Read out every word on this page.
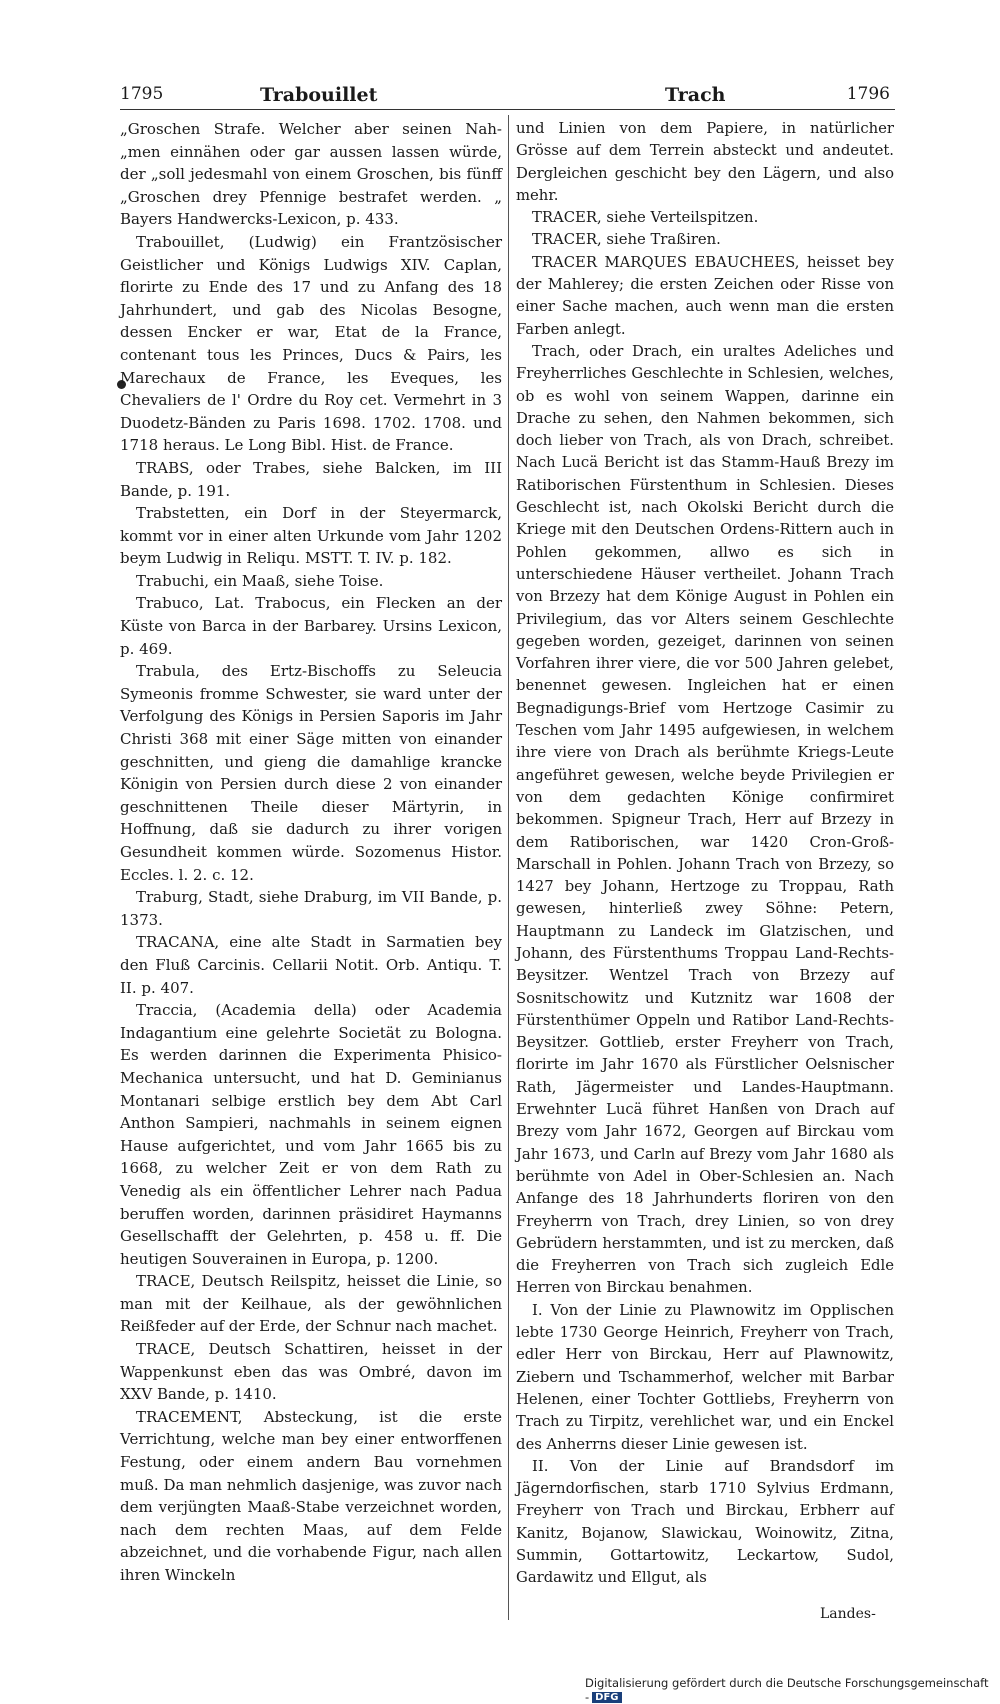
1795	Trabouillet	Trach	1796

„Groschen Strafe. Welcher aber seinen Nah- „men einnähen oder gar aussen lassen würde, der „soll jedesmahl von einem Groschen, bis fünff „Groschen drey Pfennige bestrafet werden. „ Bayers Handwercks-Lexicon, p. 433.

Trabouillet, (Ludwig) ein Frantzösischer Geistlicher und Königs Ludwigs XIV. Caplan, florirte zu Ende des 17 und zu Anfang des 18 Jahrhundert, und gab des Nicolas Besogne, dessen Encker er war, Etat de la France, contenant tous les Princes, Ducs & Pairs, les Marechaux de France, les Eveques, les Chevaliers de l' Ordre du Roy cet. Vermehrt in 3 Duodetz-Bänden zu Paris 1698. 1702. 1708. und 1718 heraus. Le Long Bibl. Hist. de France.

TRABS, oder Trabes, siehe Balcken, im III Bande, p. 191.

Trabstetten, ein Dorf in der Steyermarck, kommt vor in einer alten Urkunde vom Jahr 1202 beym Ludwig in Reliqu. MSTT. T. IV. p. 182.

Trabuchi, ein Maaß, siehe Toise.

Trabuco, Lat. Trabocus, ein Flecken an der Küste von Barca in der Barbarey. Ursins Lexicon, p. 469.

Trabula, des Ertz-Bischoffs zu Seleucia Symeonis fromme Schwester, sie ward unter der Verfolgung des Königs in Persien Saporis im Jahr Christi 368 mit einer Säge mitten von einander geschnitten, und gieng die damahlige krancke Königin von Persien durch diese 2 von einander geschnittenen Theile dieser Märtyrin, in Hoffnung, daß sie dadurch zu ihrer vorigen Gesundheit kommen würde. Sozomenus Histor. Eccles. l. 2. c. 12.

Traburg, Stadt, siehe Draburg, im VII Bande, p. 1373.

TRACANA, eine alte Stadt in Sarmatien bey den Fluß Carcinis. Cellarii Notit. Orb. Antiqu. T. II. p. 407.

Traccia, (Academia della) oder Academia Indagantium eine gelehrte Societät zu Bologna. Es werden darinnen die Experimenta Phisico-Mechanica untersucht, und hat D. Geminianus Montanari selbige erstlich bey dem Abt Carl Anthon Sampieri, nachmahls in seinem eignen Hause aufgerichtet, und vom Jahr 1665 bis zu 1668, zu welcher Zeit er von dem Rath zu Venedig als ein öffentlicher Lehrer nach Padua beruffen worden, darinnen präsidiret Haymanns Gesellschafft der Gelehrten, p. 458 u. ff. Die heutigen Souverainen in Europa, p. 1200.

TRACE, Deutsch Reilspitz, heisset die Linie, so man mit der Keilhaue, als der gewöhnlichen Reißfeder auf der Erde, der Schnur nach machet.

TRACE, Deutsch Schattiren, heisset in der Wappenkunst eben das was Ombré, davon im XXV Bande, p. 1410.

TRACEMENT, Absteckung, ist die erste Verrichtung, welche man bey einer entworffenen Festung, oder einem andern Bau vornehmen muß. Da man nehmlich dasjenige, was zuvor nach dem verjüngten Maaß-Stabe verzeichnet worden, nach dem rechten Maas, auf dem Felde abzeichnet, und die vorhabende Figur, nach allen ihren Winckeln

und Linien von dem Papiere, in natürlicher Grösse auf dem Terrein absteckt und andeutet. Dergleichen geschicht bey den Lägern, und also mehr.

TRACER, siehe Verteilspitzen.

TRACER, siehe Traßiren.

TRACER MARQUES EBAUCHEES, heisset bey der Mahlerey; die ersten Zeichen oder Risse von einer Sache machen, auch wenn man die ersten Farben anlegt.

Trach, oder Drach, ein uraltes Adeliches und Freyherrliches Geschlechte in Schlesien, welches, ob es wohl von seinem Wappen, darinne ein Drache zu sehen, den Nahmen bekommen, sich doch lieber von Trach, als von Drach, schreibet. Nach Lucä Bericht ist das Stamm-Hauß Brezy im Ratiborischen Fürstenthum in Schlesien. Dieses Geschlecht ist, nach Okolski Bericht durch die Kriege mit den Deutschen Ordens-Rittern auch in Pohlen gekommen, allwo es sich in unterschiedene Häuser vertheilet. Johann Trach von Brzezy hat dem Könige August in Pohlen ein Privilegium, das vor Alters seinem Geschlechte gegeben worden, gezeiget, darinnen von seinen Vorfahren ihrer viere, die vor 500 Jahren gelebet, benennet gewesen. Ingleichen hat er einen Begnadigungs-Brief vom Hertzoge Casimir zu Teschen vom Jahr 1495 aufgewiesen, in welchem ihre viere von Drach als berühmte Kriegs-Leute angeführet gewesen, welche beyde Privilegien er von dem gedachten Könige confirmiret bekommen. Spigneur Trach, Herr auf Brzezy in dem Ratiborischen, war 1420 Cron-Groß-Marschall in Pohlen. Johann Trach von Brzezy, so 1427 bey Johann, Hertzoge zu Troppau, Rath gewesen, hinterließ zwey Söhne: Petern, Hauptmann zu Landeck im Glatzischen, und Johann, des Fürstenthums Troppau Land-Rechts-Beysitzer. Wentzel Trach von Brzezy auf Sosnitschowitz und Kutznitz war 1608 der Fürstenthümer Oppeln und Ratibor Land-Rechts-Beysitzer. Gottlieb, erster Freyherr von Trach, florirte im Jahr 1670 als Fürstlicher Oelsnischer Rath, Jägermeister und Landes-Hauptmann. Erwehnter Lucä führet Hanßen von Drach auf Brezy vom Jahr 1672, Georgen auf Birckau vom Jahr 1673, und Carln auf Brezy vom Jahr 1680 als berühmte von Adel in Ober-Schlesien an. Nach Anfange des 18 Jahrhunderts floriren von den Freyherrn von Trach, drey Linien, so von drey Gebrüdern herstammten, und ist zu mercken, daß die Freyherren von Trach sich zugleich Edle Herren von Birckau benahmen.

I. Von der Linie zu Plawnowitz im Opplischen lebte 1730 George Heinrich, Freyherr von Trach, edler Herr von Birckau, Herr auf Plawnowitz, Ziebern und Tschammerhof, welcher mit Barbar Helenen, einer Tochter Gottliebs, Freyherrn von Trach zu Tirpitz, verehlichet war, und ein Enckel des Anherrns dieser Linie gewesen ist.

II. Von der Linie auf Brandsdorf im Jägerndorfischen, starb 1710 Sylvius Erdmann, Freyherr von Trach und Birckau, Erbherr auf Kanitz, Bojanow, Slawickau, Woinowitz, Zitna, Summin, Gottartowitz, Leckartow, Sudol, Gardawitz und Ellgut, als

Landes-
Digitalisierung gefördert durch die Deutsche Forschungsgemeinschaft - DFG
